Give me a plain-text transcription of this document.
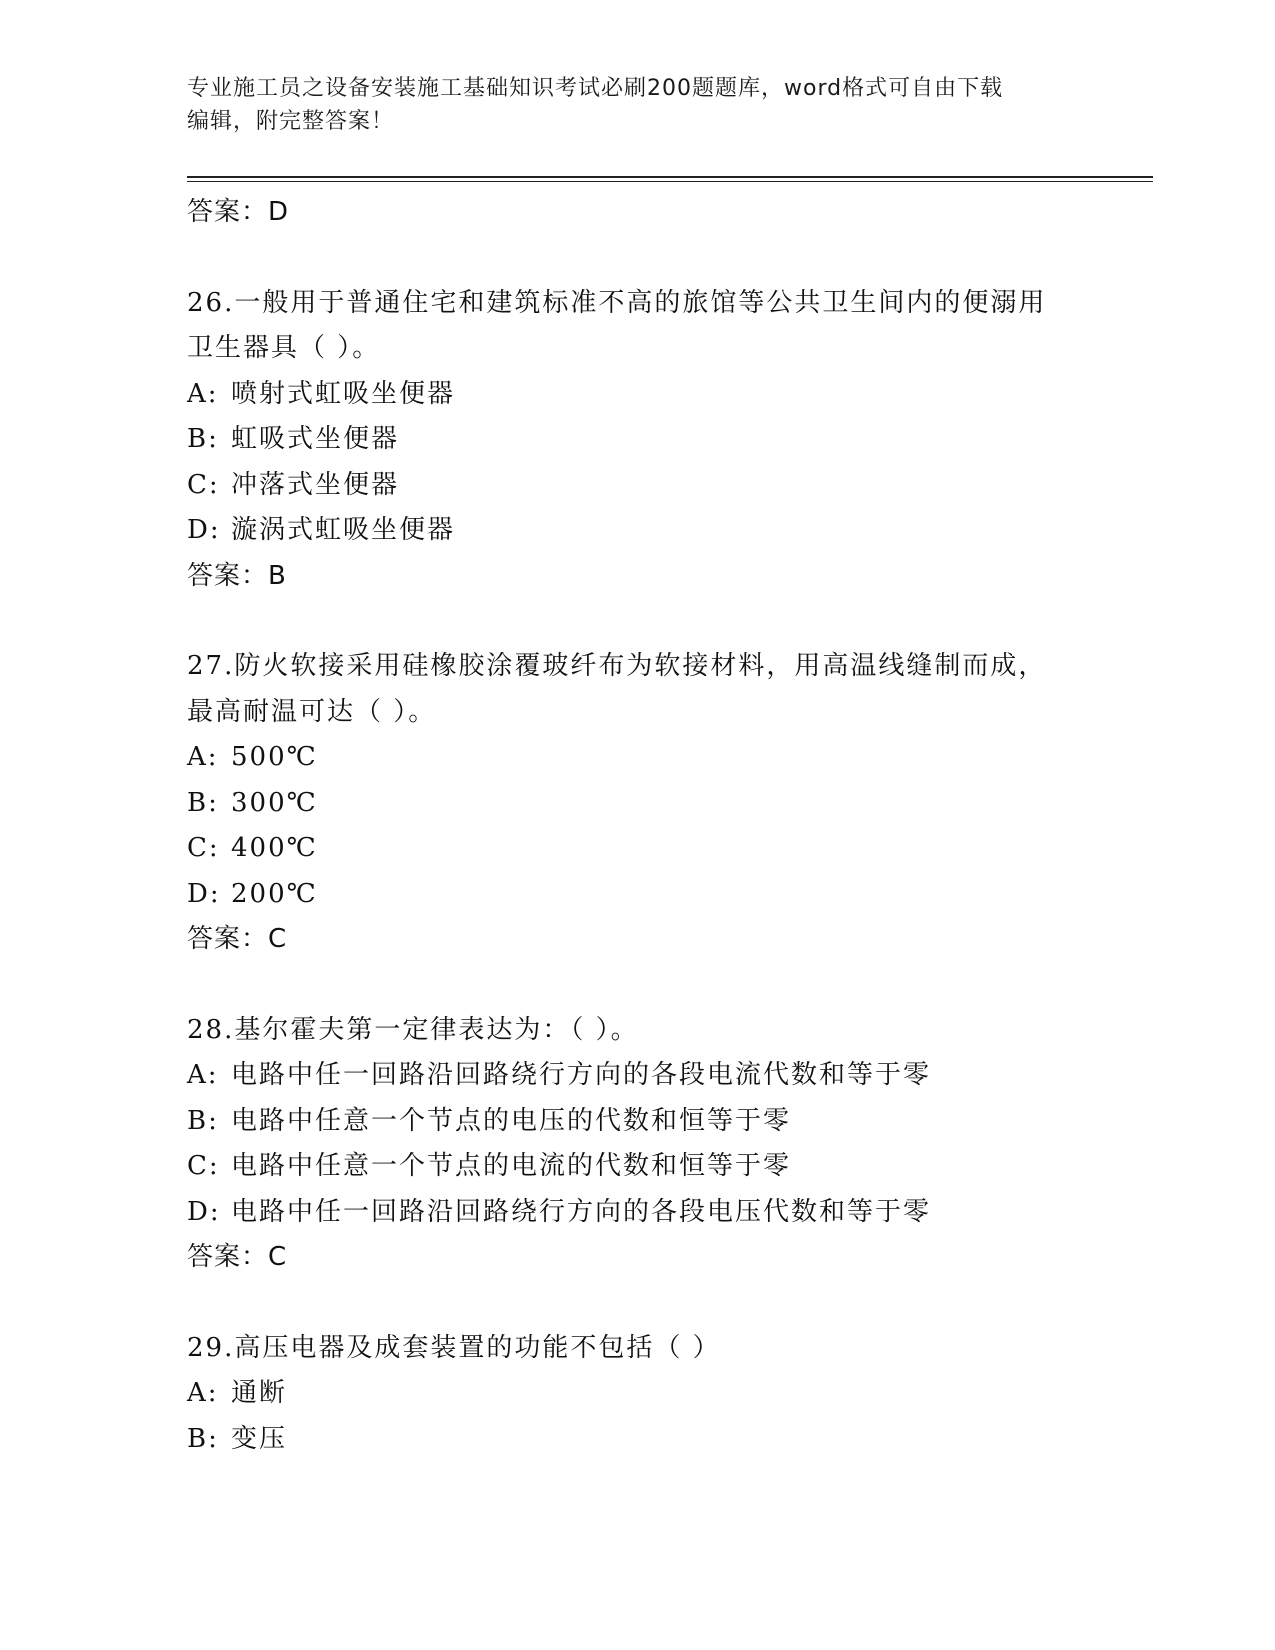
专业施工员之设备安装施工基础知识考试必刷200题题库，word格式可自由下载
编辑，附完整答案！
答案：D
26.一般用于普通住宅和建筑标准不高的旅馆等公共卫生间内的便溺用
卫生器具（ ）。
A: 喷射式虹吸坐便器
B: 虹吸式坐便器
C: 冲落式坐便器
D: 漩涡式虹吸坐便器
答案：B
27.防火软接采用硅橡胶涂覆玻纤布为软接材料，用高温线缝制而成，
最高耐温可达（ ）。
A: 500℃
B: 300℃
C: 400℃
D: 200℃
答案：C
28.基尔霍夫第一定律表达为：（ ）。
A: 电路中任一回路沿回路绕行方向的各段电流代数和等于零
B: 电路中任意一个节点的电压的代数和恒等于零
C: 电路中任意一个节点的电流的代数和恒等于零
D: 电路中任一回路沿回路绕行方向的各段电压代数和等于零
答案：C
29.高压电器及成套装置的功能不包括（ ）
A: 通断
B: 变压
